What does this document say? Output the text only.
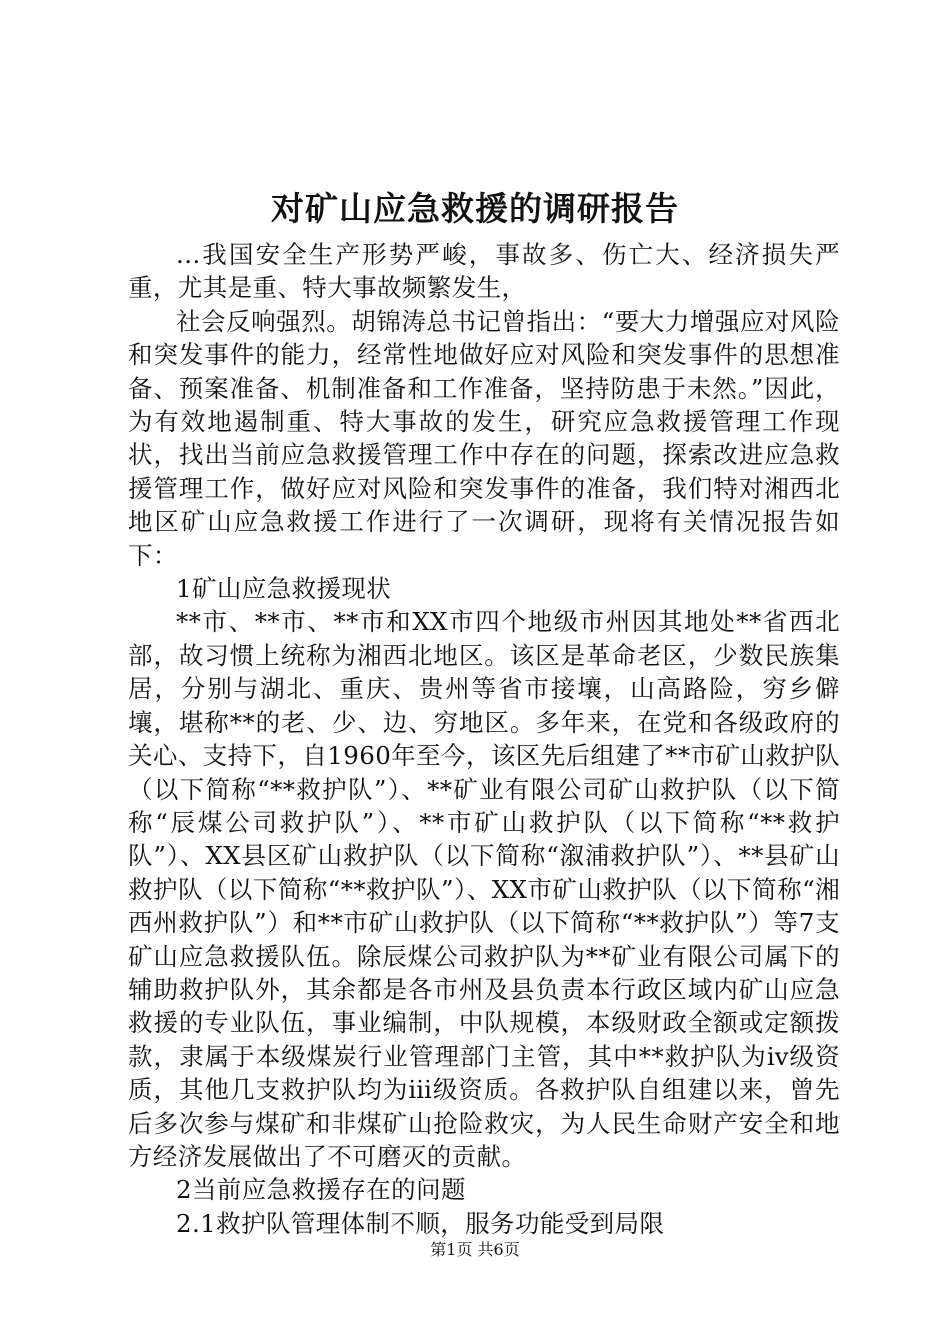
对矿山应急救援的调研报告

...我国安全生产形势严峻，事故多、伤亡大、经济损失严重，尤其是重、特大事故频繁发生，

社会反响强烈。胡锦涛总书记曾指出：“要大力增强应对风险和突发事件的能力，经常性地做好应对风险和突发事件的思想准备、预案准备、机制准备和工作准备，坚持防患于未然。”因此，为有效地遏制重、特大事故的发生，研究应急救援管理工作现状，找出当前应急救援管理工作中存在的问题，探索改进应急救援管理工作，做好应对风险和突发事件的准备，我们特对湘西北地区矿山应急救援工作进行了一次调研，现将有关情况报告如下：

1矿山应急救援现状

**市、**市、**市和XX市四个地级市州因其地处**省西北部，故习惯上统称为湘西北地区。该区是革命老区，少数民族集居，分别与湖北、重庆、贵州等省市接壤，山高路险，穷乡僻壤，堪称**的老、少、边、穷地区。多年来，在党和各级政府的关心、支持下，自1960年至今，该区先后组建了**市矿山救护队（以下简称“**救护队”）、**矿业有限公司矿山救护队（以下简称“辰煤公司救护队”）、**市矿山救护队（以下简称“**救护队”）、XX县区矿山救护队（以下简称“溆浦救护队”）、**县矿山救护队（以下简称“**救护队”）、XX市矿山救护队（以下简称“湘西州救护队”）和**市矿山救护队（以下简称“**救护队”）等7支矿山应急救援队伍。除辰煤公司救护队为**矿业有限公司属下的辅助救护队外，其余都是各市州及县负责本行政区域内矿山应急救援的专业队伍，事业编制，中队规模，本级财政全额或定额拨款，隶属于本级煤炭行业管理部门主管，其中**救护队为ⅳ级资质，其他几支救护队均为ⅲ级资质。各救护队自组建以来，曾先后多次参与煤矿和非煤矿山抢险救灾，为人民生命财产安全和地方经济发展做出了不可磨灭的贡献。

2当前应急救援存在的问题

2.1救护队管理体制不顺，服务功能受到局限

第1页 共6页
